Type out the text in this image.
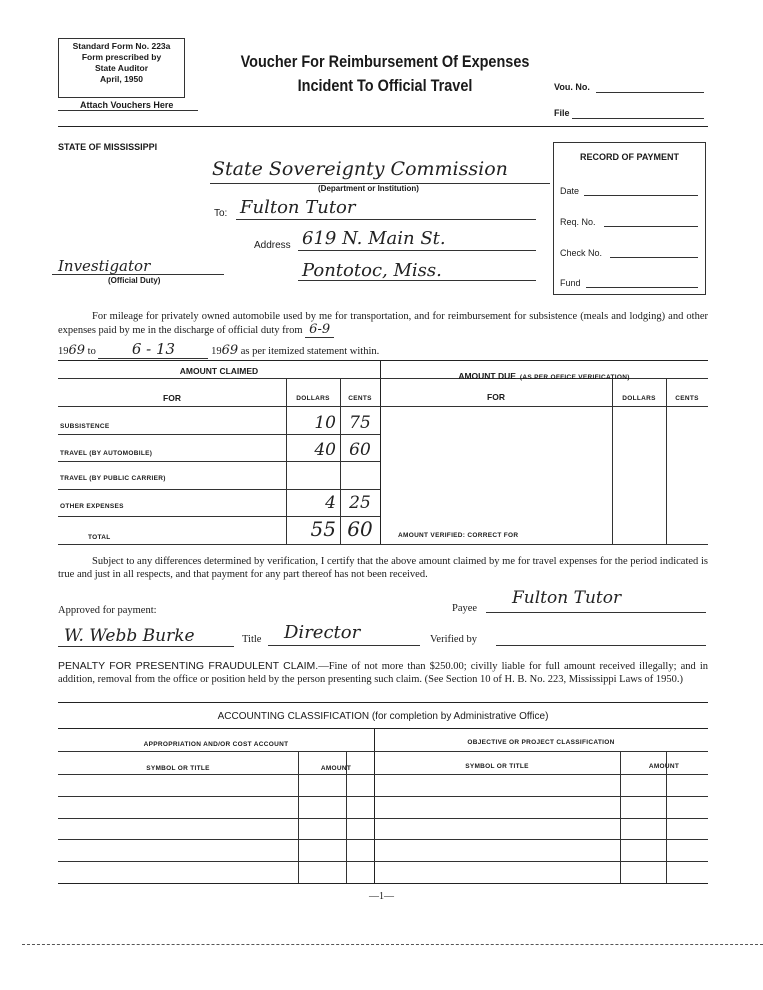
Standard Form No. 223a
Form prescribed by
State Auditor
April, 1950
Attach Vouchers Here
Voucher For Reimbursement Of Expenses
Incident To Official Travel	Vou. No.
File
STATE OF MISSISSIPPI
State Sovereignty Commission
(Department or Institution)
To: Fulton Tutor
Address 619 N. Main St.
Pontotoc, Miss.
Investigator
(Official Duty)
RECORD OF PAYMENT
Date
Req. No.
Check No.
Fund
For mileage for privately owned automobile used by me for transportation, and for reimbursement for subsistence (meals and lodging) and other expenses paid by me in the discharge of official duty from 6-9
1969 to 6 - 13	1969 as per itemized statement within.
AMOUNT CLAIMED	AMOUNT DUE (AS PER OFFICE VERIFICATION)
FOR	DOLLARS	CENTS	FOR	DOLLARS	CENTS
SUBSISTENCE	10 75
TRAVEL (BY AUTOMOBILE)	40 60
TRAVEL (BY PUBLIC CARRIER)
OTHER EXPENSES	4 25
TOTAL	55 60	AMOUNT VERIFIED: CORRECT FOR
Subject to any differences determined by verification, I certify that the above amount claimed by me for travel expenses for the period indicated is true and just in all respects, and that payment for any part thereof has not been received.
Approved for payment:	Payee
Fulton Tutor
W. Webb Burke	Title Director	Verified by
PENALTY FOR PRESENTING FRAUDULENT CLAIM.—Fine of not more than $250.00; civilly liable for full amount received illegally; and in addition, removal from the office or position held by the person presenting such claim. (See Section 10 of H. B. No. 223, Mississippi Laws of 1950.)
ACCOUNTING CLASSIFICATION (for completion by Administrative Office)
APPROPRIATION AND/OR COST ACCOUNT	OBJECTIVE OR PROJECT CLASSIFICATION
SYMBOL OR TITLE	AMOUNT	SYMBOL OR TITLE	AMOUNT
—1—
